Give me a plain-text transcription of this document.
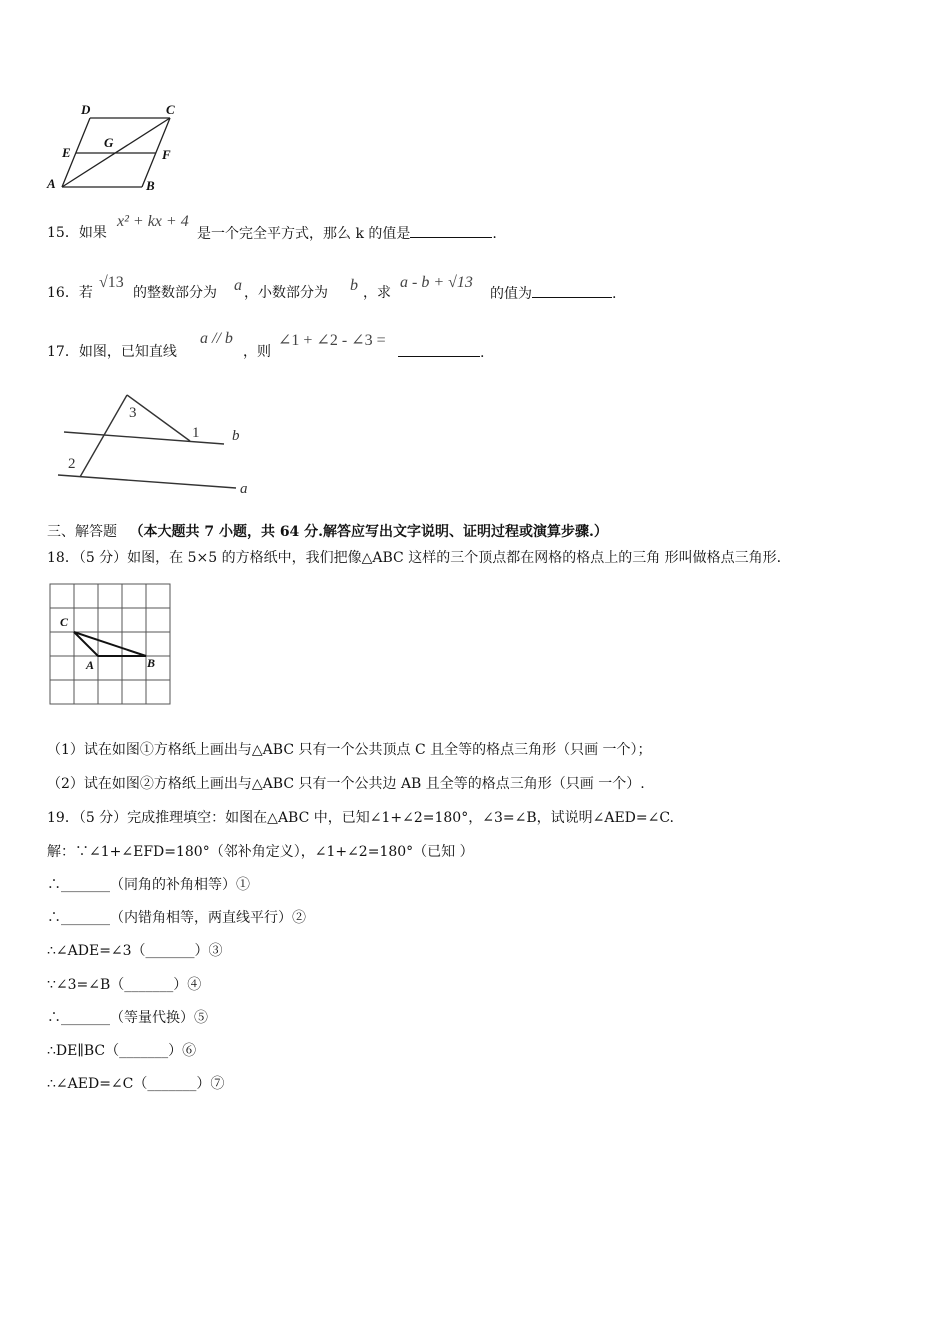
D	C
E
G
F
A	B
15．如果
x² + kx + 4
是一个完全平方式，那么 k 的值是	.
16．若
√13
的整数部分为 a ，小数部分为 b ，求
a - b + √13
的值为	.
17．如图，已知直线
a // b
，则
∠1 + ∠2 - ∠3 =
.
3
1 b
2
a
三、解答题 （本大题共 7 小题，共 64 分.解答应写出文字说明、证明过程或演算步骤.）
18．（5 分）如图，在 5×5 的方格纸中，我们把像△ABC 这样的三个顶点都在网格的格点上的三角 形叫做格点三角形.
C
A	B
（1）试在如图①方格纸上画出与△ABC 只有一个公共顶点 C 且全等的格点三角形（只画 一个）；
（2）试在如图②方格纸上画出与△ABC 只有一个公共边 AB 且全等的格点三角形（只画 一个）.
19．（5 分）完成推理填空：如图在△ABC 中，已知∠1+∠2=180°，∠3=∠B，试说明∠AED=∠C.
解：∵∠1+∠EFD=180°（邻补角定义），∠1+∠2=180°（已知 ）
∴_______（同角的补角相等）①
∴_______（内错角相等，两直线平行）②
∴∠ADE=∠3（_______）③
∵∠3=∠B（_______）④
∴_______（等量代换）⑤
∴DE∥BC（_______）⑥
∴∠AED=∠C（_______）⑦
